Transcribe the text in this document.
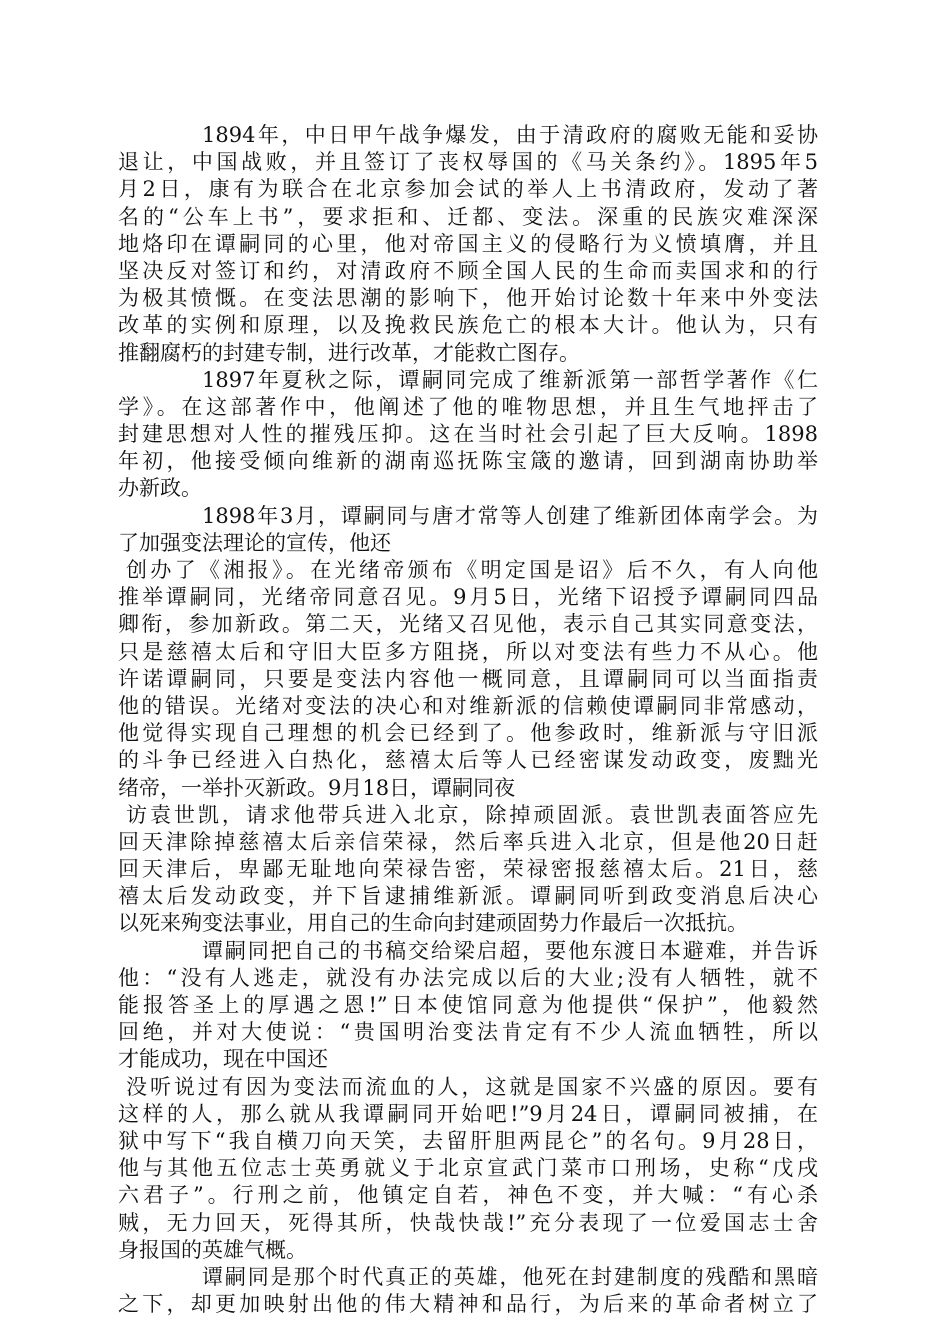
1894年，中日甲午战争爆发，由于清政府的腐败无能和妥协
退让，中国战败，并且签订了丧权辱国的《马关条约》。1895年5
月2日，康有为联合在北京参加会试的举人上书清政府，发动了著
名的“公车上书”，要求拒和、迁都、变法。深重的民族灾难深深
地烙印在谭嗣同的心里，他对帝国主义的侵略行为义愤填膺，并且
坚决反对签订和约，对清政府不顾全国人民的生命而卖国求和的行
为极其愤慨。在变法思潮的影响下，他开始讨论数十年来中外变法
改革的实例和原理，以及挽救民族危亡的根本大计。他认为，只有
推翻腐朽的封建专制，进行改革，才能救亡图存。
1897年夏秋之际，谭嗣同完成了维新派第一部哲学著作《仁
学》。在这部著作中，他阐述了他的唯物思想，并且生气地抨击了
封建思想对人性的摧残压抑。这在当时社会引起了巨大反响。1898
年初，他接受倾向维新的湖南巡抚陈宝箴的邀请，回到湖南协助举
办新政。
1898年3月，谭嗣同与唐才常等人创建了维新团体南学会。为
了加强变法理论的宣传，他还
创办了《湘报》。在光绪帝颁布《明定国是诏》后不久，有人向他
推举谭嗣同，光绪帝同意召见。9月5日，光绪下诏授予谭嗣同四品
卿衔，参加新政。第二天，光绪又召见他，表示自己其实同意变法，
只是慈禧太后和守旧大臣多方阻挠，所以对变法有些力不从心。他
许诺谭嗣同，只要是变法内容他一概同意，且谭嗣同可以当面指责
他的错误。光绪对变法的决心和对维新派的信赖使谭嗣同非常感动，
他觉得实现自己理想的机会已经到了。他参政时，维新派与守旧派
的斗争已经进入白热化，慈禧太后等人已经密谋发动政变，废黜光
绪帝，一举扑灭新政。9月18日，谭嗣同夜
访袁世凯，请求他带兵进入北京，除掉顽固派。袁世凯表面答应先
回天津除掉慈禧太后亲信荣禄，然后率兵进入北京，但是他20日赶
回天津后，卑鄙无耻地向荣禄告密，荣禄密报慈禧太后。21日，慈
禧太后发动政变，并下旨逮捕维新派。谭嗣同听到政变消息后决心
以死来殉变法事业，用自己的生命向封建顽固势力作最后一次抵抗。
谭嗣同把自己的书稿交给梁启超，要他东渡日本避难，并告诉
他：“没有人逃走，就没有办法完成以后的大业;没有人牺牲，就不
能报答圣上的厚遇之恩!”日本使馆同意为他提供“保护”，他毅然
回绝，并对大使说：“贵国明治变法肯定有不少人流血牺牲，所以
才能成功，现在中国还
没听说过有因为变法而流血的人，这就是国家不兴盛的原因。要有
这样的人，那么就从我谭嗣同开始吧!”9月24日，谭嗣同被捕，在
狱中写下“我自横刀向天笑，去留肝胆两昆仑”的名句。9月28日，
他与其他五位志士英勇就义于北京宣武门菜市口刑场，史称“戊戌
六君子”。行刑之前，他镇定自若，神色不变，并大喊：“有心杀
贼，无力回天，死得其所，快哉快哉!”充分表现了一位爱国志士舍
身报国的英雄气概。
谭嗣同是那个时代真正的英雄，他死在封建制度的残酷和黑暗
之下，却更加映射出他的伟大精神和品行，为后来的革命者树立了
